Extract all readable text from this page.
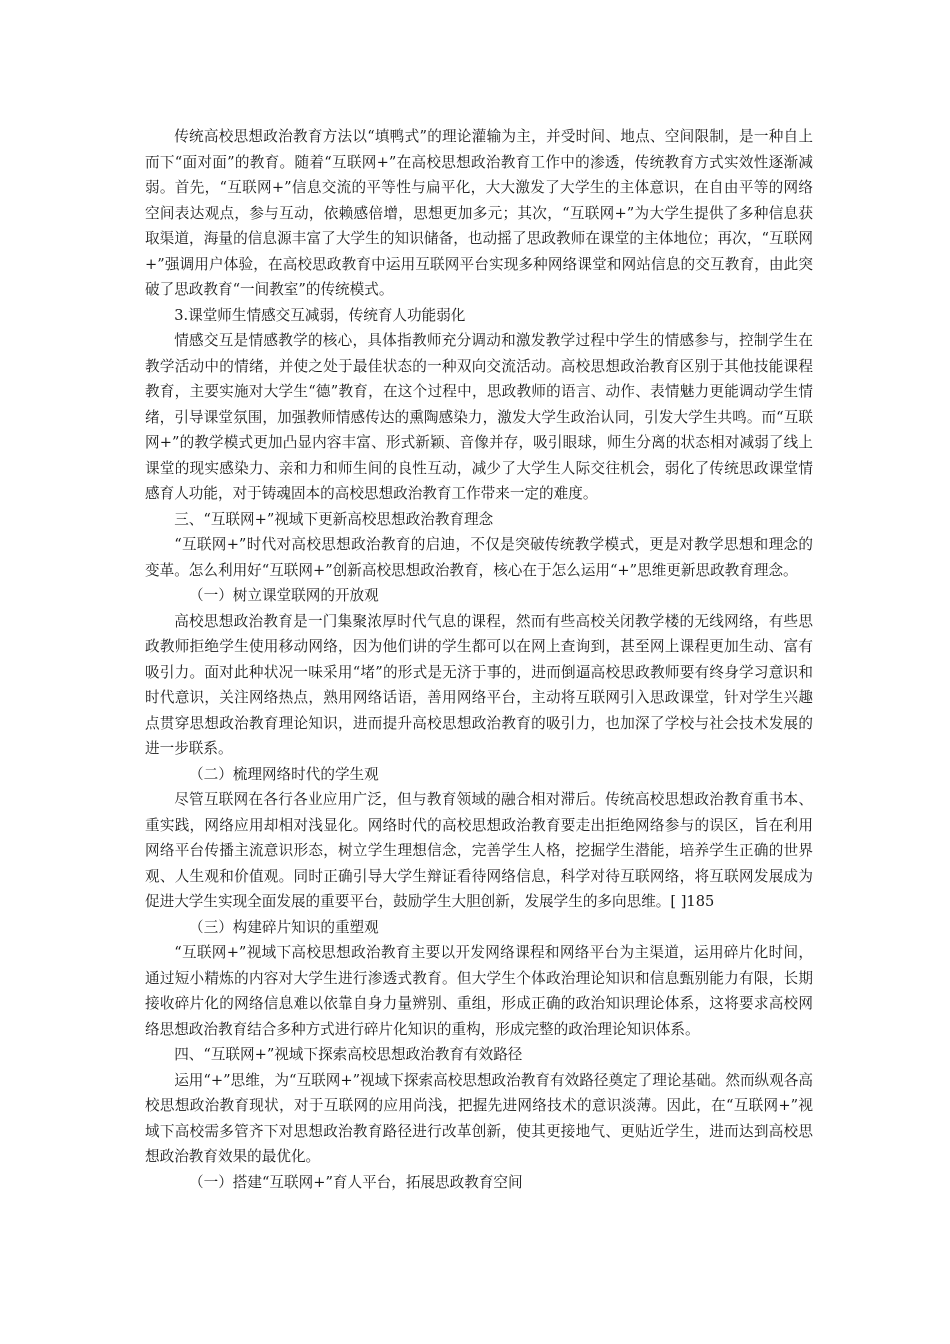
传统高校思想政治教育方法以“填鸭式”的理论灌输为主，并受时间、地点、空间限制，是一种自上而下“面对面”的教育。随着“互联网+”在高校思想政治教育工作中的渗透，传统教育方式实效性逐渐减弱。首先，“互联网+”信息交流的平等性与扁平化，大大激发了大学生的主体意识，在自由平等的网络空间表达观点，参与互动，依赖感倍增，思想更加多元；其次，“互联网+”为大学生提供了多种信息获取渠道，海量的信息源丰富了大学生的知识储备，也动摇了思政教师在课堂的主体地位；再次，“互联网+”强调用户体验，在高校思政教育中运用互联网平台实现多种网络课堂和网站信息的交互教育，由此突破了思政教育“一间教室”的传统模式。

3.课堂师生情感交互减弱，传统育人功能弱化

情感交互是情感教学的核心，具体指教师充分调动和激发教学过程中学生的情感参与，控制学生在教学活动中的情绪，并使之处于最佳状态的一种双向交流活动。高校思想政治教育区别于其他技能课程教育，主要实施对大学生“德”教育，在这个过程中，思政教师的语言、动作、表情魅力更能调动学生情绪，引导课堂氛围，加强教师情感传达的熏陶感染力，激发大学生政治认同，引发大学生共鸣。而“互联网+”的教学模式更加凸显内容丰富、形式新颖、音像并存，吸引眼球，师生分离的状态相对减弱了线上课堂的现实感染力、亲和力和师生间的良性互动，减少了大学生人际交往机会，弱化了传统思政课堂情感育人功能，对于铸魂固本的高校思想政治教育工作带来一定的难度。

三、“互联网+”视域下更新高校思想政治教育理念

“互联网+”时代对高校思想政治教育的启迪，不仅是突破传统教学模式，更是对教学思想和理念的变革。怎么利用好“互联网+”创新高校思想政治教育，核心在于怎么运用“+”思维更新思政教育理念。

（一）树立课堂联网的开放观

高校思想政治教育是一门集聚浓厚时代气息的课程，然而有些高校关闭教学楼的无线网络，有些思政教师拒绝学生使用移动网络，因为他们讲的学生都可以在网上查询到，甚至网上课程更加生动、富有吸引力。面对此种状况一味采用“堵”的形式是无济于事的，进而倒逼高校思政教师要有终身学习意识和时代意识，关注网络热点，熟用网络话语，善用网络平台，主动将互联网引入思政课堂，针对学生兴趣点贯穿思想政治教育理论知识，进而提升高校思想政治教育的吸引力，也加深了学校与社会技术发展的进一步联系。

（二）梳理网络时代的学生观

尽管互联网在各行各业应用广泛，但与教育领域的融合相对滞后。传统高校思想政治教育重书本、重实践，网络应用却相对浅显化。网络时代的高校思想政治教育要走出拒绝网络参与的误区，旨在利用网络平台传播主流意识形态，树立学生理想信念，完善学生人格，挖掘学生潜能，培养学生正确的世界观、人生观和价值观。同时正确引导大学生辩证看待网络信息，科学对待互联网络，将互联网发展成为促进大学生实现全面发展的重要平台，鼓励学生大胆创新，发展学生的多向思维。[ ]185

（三）构建碎片知识的重塑观

“互联网+”视域下高校思想政治教育主要以开发网络课程和网络平台为主渠道，运用碎片化时间，通过短小精炼的内容对大学生进行渗透式教育。但大学生个体政治理论知识和信息甄别能力有限，长期接收碎片化的网络信息难以依靠自身力量辨别、重组，形成正确的政治知识理论体系，这将要求高校网络思想政治教育结合多种方式进行碎片化知识的重构，形成完整的政治理论知识体系。

四、“互联网+”视域下探索高校思想政治教育有效路径

运用“+”思维，为“互联网+”视域下探索高校思想政治教育有效路径奠定了理论基础。然而纵观各高校思想政治教育现状，对于互联网的应用尚浅，把握先进网络技术的意识淡薄。因此，在“互联网+”视域下高校需多管齐下对思想政治教育路径进行改革创新，使其更接地气、更贴近学生，进而达到高校思想政治教育效果的最优化。

（一）搭建“互联网+”育人平台，拓展思政教育空间
